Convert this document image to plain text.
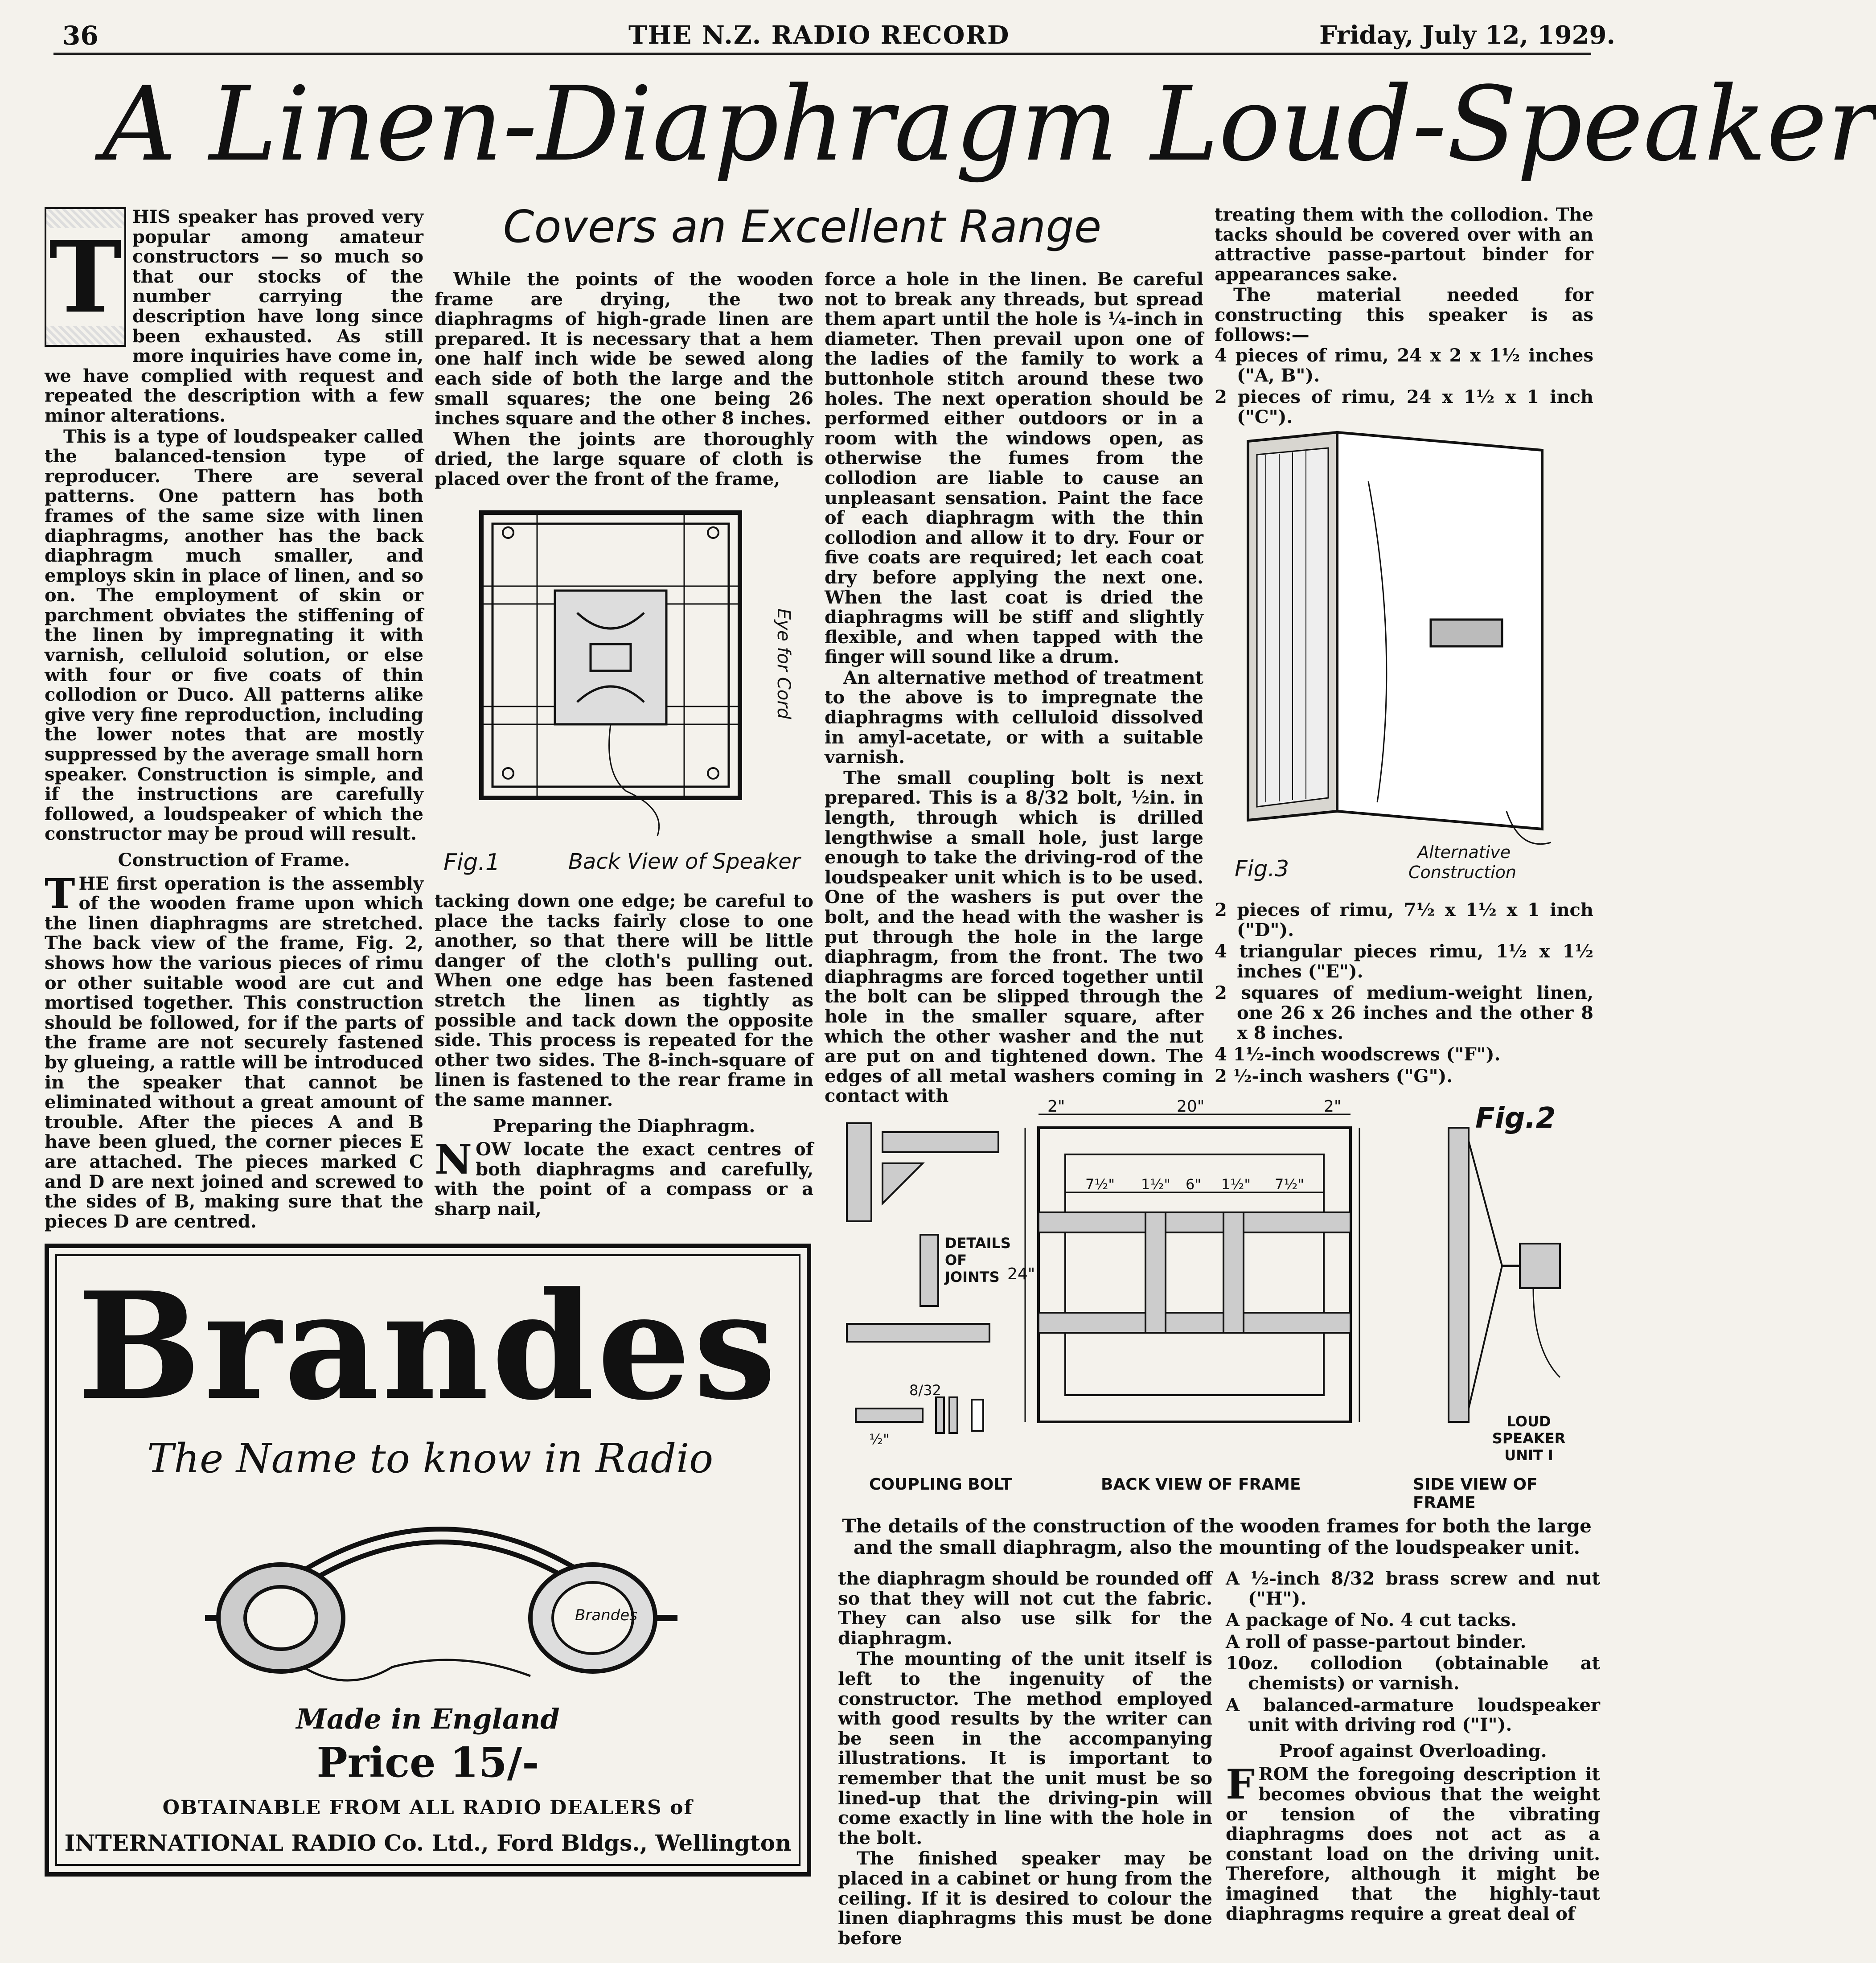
36	THE N.Z. RADIO RECORD	Friday, July 12, 1929.
A Linen-Diaphragm Loud-Speaker
T

HIS speaker has proved very popular among amateur constructors — so much so that our stocks of the number carrying the description have long since been exhausted. As still more inquiries have come in, we have complied with request and repeated the description with a few minor alterations.

This is a type of loudspeaker called the balanced-tension type of reproducer. There are several patterns. One pattern has both frames of the same size with linen diaphragms, another has the back diaphragm much smaller, and employs skin in place of linen, and so on. The employment of skin or parchment obviates the stiffening of the linen by impregnating it with varnish, celluloid solution, or else with four or five coats of thin collodion or Duco. All patterns alike give very fine reproduction, including the lower notes that are mostly suppressed by the average small horn speaker. Construction is simple, and if the instructions are carefully followed, a loudspeaker of which the constructor may be proud will result.

Construction of Frame.

THE first operation is the assembly of the wooden frame upon which the linen diaphragms are stretched. The back view of the frame, Fig. 2, shows how the various pieces of rimu or other suitable wood are cut and mortised together. This construction should be followed, for if the parts of the frame are not securely fastened by glueing, a rattle will be introduced in the speaker that cannot be eliminated without a great amount of trouble. After the pieces A and B have been glued, the corner pieces E are attached. The pieces marked C and D are next joined and screwed to the sides of B, making sure that the pieces D are centred.

Covers an Excellent Range

While the points of the wooden frame are drying, the two diaphragms of high-grade linen are prepared. It is necessary that a hem one half inch wide be sewed along each side of both the large and the small squares; the one being 26 inches square and the other 8 inches.

When the joints are thoroughly dried, the large square of cloth is placed over the front of the frame,

Eye for Cord
Fig.1	Back View of Speaker

tacking down one edge; be careful to place the tacks fairly close to one another, so that there will be little danger of the cloth's pulling out. When one edge has been fastened stretch the linen as tightly as possible and tack down the opposite side. This process is repeated for the other two sides. The 8-inch-square of linen is fastened to the rear frame in the same manner.

Preparing the Diaphragm.

NOW locate the exact centres of both diaphragms and carefully, with the point of a compass or a sharp nail,

force a hole in the linen. Be careful not to break any threads, but spread them apart until the hole is ¼-inch in diameter. Then prevail upon one of the ladies of the family to work a buttonhole stitch around these two holes. The next operation should be performed either outdoors or in a room with the windows open, as otherwise the fumes from the collodion are liable to cause an unpleasant sensation. Paint the face of each diaphragm with the thin collodion and allow it to dry. Four or five coats are required; let each coat dry before applying the next one. When the last coat is dried the diaphragms will be stiff and slightly flexible, and when tapped with the finger will sound like a drum.

An alternative method of treatment to the above is to impregnate the diaphragms with celluloid dissolved in amyl-acetate, or with a suitable varnish.

The small coupling bolt is next prepared. This is a 8/32 bolt, ½in. in length, through which is drilled lengthwise a small hole, just large enough to take the driving-rod of the loudspeaker unit which is to be used. One of the washers is put over the bolt, and the head with the washer is put through the hole in the large diaphragm, from the front. The two diaphragms are forced together until the bolt can be slipped through the hole in the smaller square, after which the other washer and the nut are put on and tightened down. The edges of all metal washers coming in contact with

treating them with the collodion. The tacks should be covered over with an attractive passe-partout binder for appearances sake.

The material needed for constructing this speaker is as follows:—

4 pieces of rimu, 24 x 2 x 1½ inches ("A, B").
2 pieces of rimu, 24 x 1½ x 1 inch ("C").
Fig.3
Alternative
Construction
2 pieces of rimu, 7½ x 1½ x 1 inch ("D").
4 triangular pieces rimu, 1½ x 1½ inches ("E").
2 squares of medium-weight linen, one 26 x 26 inches and the other 8 x 8 inches.
4 1½-inch woodscrews ("F").
2 ½-inch washers ("G").
8/32
½"
2"	20"	2"
24"
7½" 1½" 6" 1½" 7½"
Fig.2
DETAILS OF JOINTS
LOUD SPEAKER UNIT I
COUPLING BOLT	BACK VIEW OF FRAME	SIDE VIEW OF FRAME
The details of the construction of the wooden frames for both the large and the small diaphragm, also the mounting of the loudspeaker unit.

the diaphragm should be rounded off so that they will not cut the fabric. They can also use silk for the diaphragm.

The mounting of the unit itself is left to the ingenuity of the constructor. The method employed with good results by the writer can be seen in the accompanying illustrations. It is important to remember that the unit must be so lined-up that the driving-pin will come exactly in line with the hole in the bolt.

The finished speaker may be placed in a cabinet or hung from the ceiling. If it is desired to colour the linen diaphragms this must be done before

A ½-inch 8/32 brass screw and nut ("H").
A package of No. 4 cut tacks.
A roll of passe-partout binder.
10oz. collodion (obtainable at chemists) or varnish.
A balanced-armature loudspeaker unit with driving rod ("I").
Proof against Overloading.

FROM the foregoing description it becomes obvious that the weight or tension of the vibrating diaphragms does not act as a constant load on the driving unit. Therefore, although it might be imagined that the highly-taut diaphragms require a great deal of

Brandes
The Name to know in Radio
Brandes
Made in England
Price 15/-
OBTAINABLE FROM ALL RADIO DEALERS of
INTERNATIONAL RADIO Co. Ltd., Ford Bldgs., Wellington
